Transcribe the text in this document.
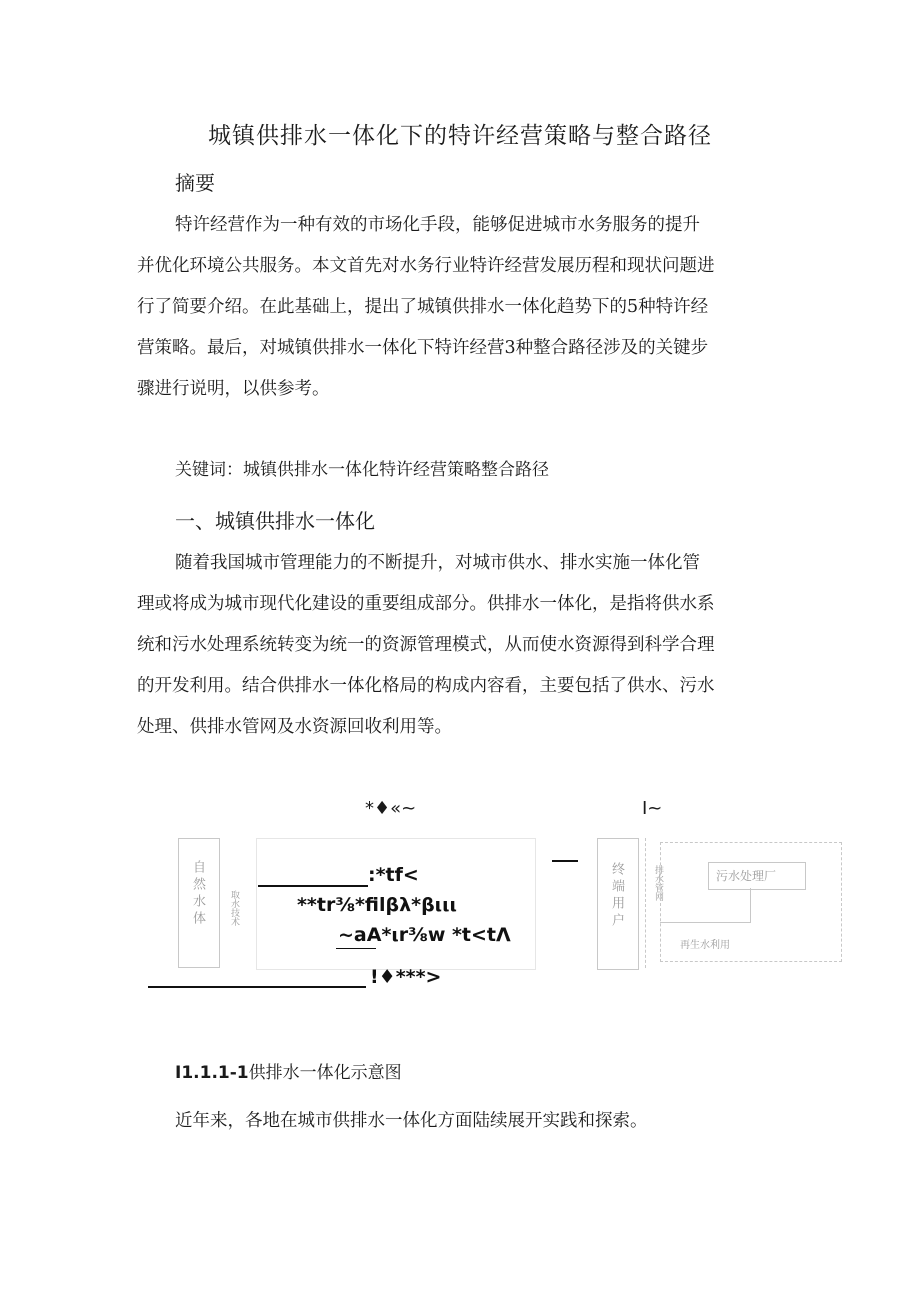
城镇供排水一体化下的特许经营策略与整合路径
摘要
特许经营作为一种有效的市场化手段，能够促进城市水务服务的提升
并优化环境公共服务。本文首先对水务行业特许经营发展历程和现状问题进
行了简要介绍。在此基础上，提出了城镇供排水一体化趋势下的5种特许经
营策略。最后，对城镇供排水一体化下特许经营3种整合路径涉及的关键步
骤进行说明，以供参考。
关键词：城镇供排水一体化特许经营策略整合路径
一、城镇供排水一体化
随着我国城市管理能力的不断提升，对城市供水、排水实施一体化管
理或将成为城市现代化建设的重要组成部分。供排水一体化，是指将供水系
统和污水处理系统转变为统一的资源管理模式，从而使水资源得到科学合理
的开发利用。结合供排水一体化格局的构成内容看，主要包括了供水、污水
处理、供排水管网及水资源回收利用等。
*♦«~	I~
自然水体	取水技术
:*tf<
**tr⅜*filβλ*βιιι
~aA*ιr⅜w *t<tΛ
!♦***>
终端用户	排水管网	污水处理厂
再生水利用
I1.1.1-1供排水一体化示意图
近年来，各地在城市供排水一体化方面陆续展开实践和探索。
